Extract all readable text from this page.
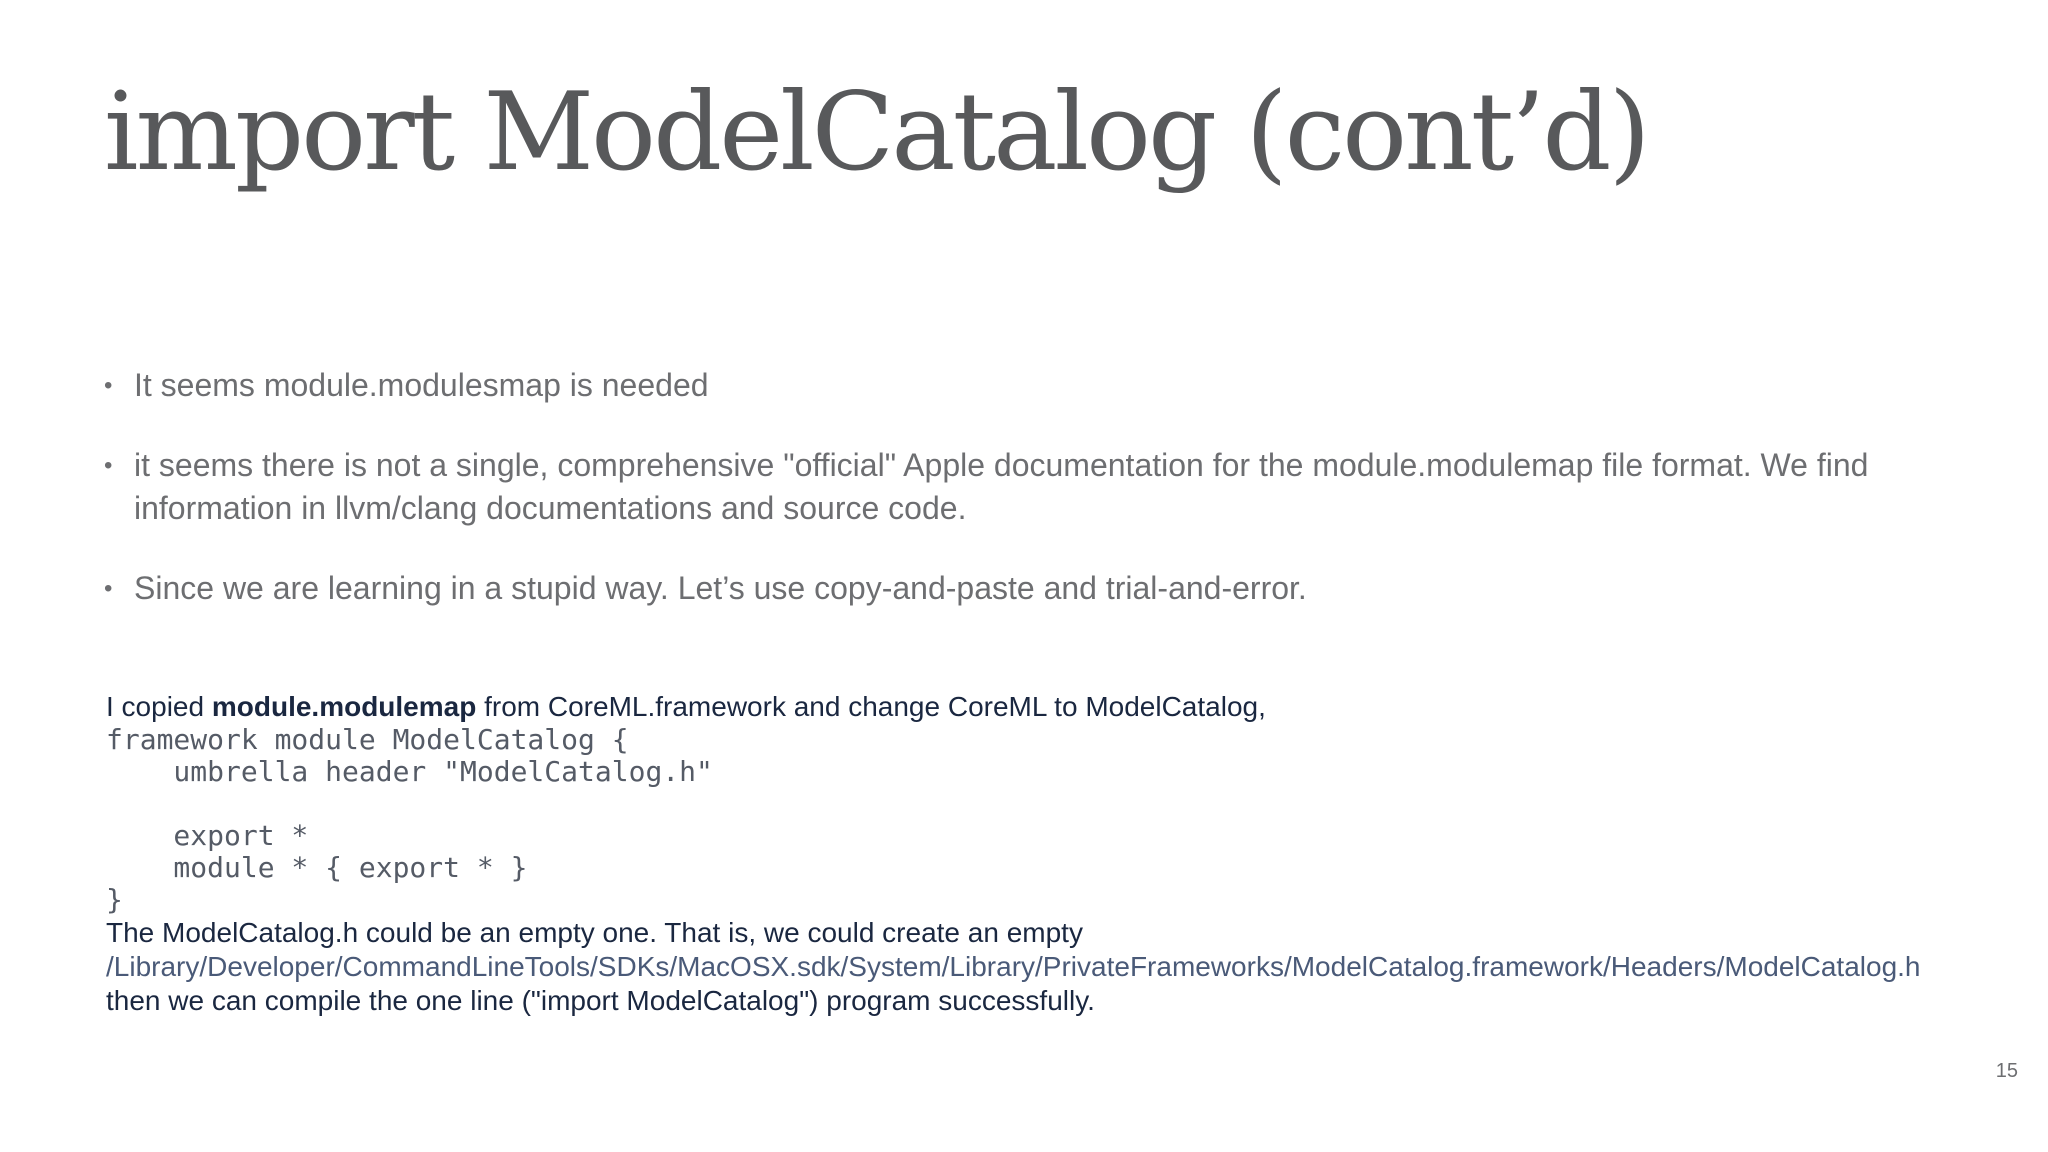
import ModelCatalog (cont’d)
• It seems module.modulesmap is needed
• it seems there is not a single, comprehensive "official" Apple documentation for the module.modulemap file format. We find information in llvm/clang documentations and source code.
• Since we are learning in a stupid way. Let’s use copy-and-paste and trial-and-error.
I copied module.modulemap from CoreML.framework and change CoreML to ModelCatalog,
framework module ModelCatalog {
umbrella header "ModelCatalog.h"
export *
module * { export * }
}
The ModelCatalog.h could be an empty one. That is, we could create an empty
/Library/Developer/CommandLineTools/SDKs/MacOSX.sdk/System/Library/PrivateFrameworks/ModelCatalog.framework/Headers/ModelCatalog.h
then we can compile the one line ("import ModelCatalog") program successfully.
15
